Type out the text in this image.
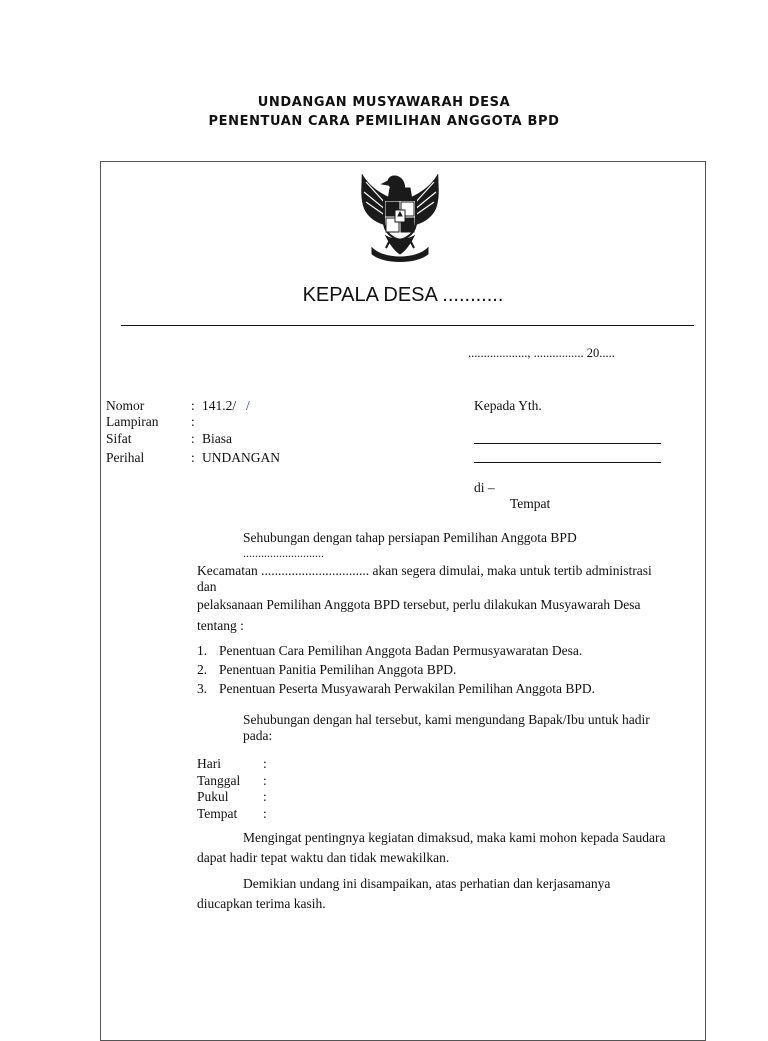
UNDANGAN MUSYAWARAH DESA
PENENTUAN CARA PEMILIHAN ANGGOTA BPD
KEPALA DESA ...........
..................., ................ 20.....
Nomor	: 141.2/ /
Lampiran :
Sifat	: Biasa
Perihal	: UNDANGAN
Kepada Yth.
di –
Tempat
Sehubungan dengan tahap persiapan Pemilihan Anggota BPD
...........................
Kecamatan ................................ akan segera dimulai, maka untuk tertib administrasi
dan
pelaksanaan Pemilihan Anggota BPD tersebut, perlu dilakukan Musyawarah Desa
tentang :
1. Penentuan Cara Pemilihan Anggota Badan Permusyawaratan Desa.
2. Penentuan Panitia Pemilihan Anggota BPD.
3. Penentuan Peserta Musyawarah Perwakilan Pemilihan Anggota BPD.
Sehubungan dengan hal tersebut, kami mengundang Bapak/Ibu untuk hadir
pada:
Hari	:
Tanggal :
Pukul	:
Tempat :
Mengingat pentingnya kegiatan dimaksud, maka kami mohon kepada Saudara
dapat hadir tepat waktu dan tidak mewakilkan.
Demikian undang ini disampaikan, atas perhatian dan kerjasamanya
diucapkan terima kasih.
